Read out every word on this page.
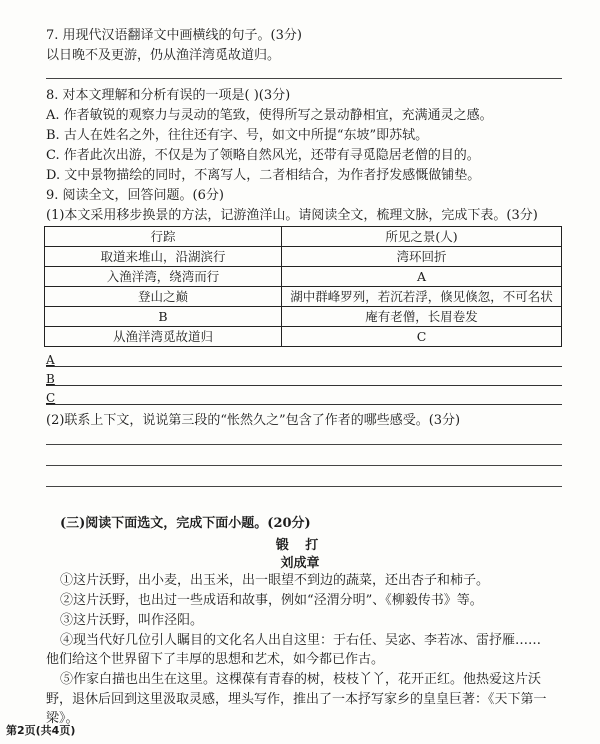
7. 用现代汉语翻译文中画横线的句子。(3分)
以日晚不及更游，仍从渔洋湾觅故道归。
8. 对本文理解和分析有误的一项是( )(3分)
A. 作者敏锐的观察力与灵动的笔致，使得所写之景动静相宜，充满通灵之感。
B. 古人在姓名之外，往往还有字、号，如文中所提“东坡”即苏轼。
C. 作者此次出游，不仅是为了领略自然风光，还带有寻觅隐居老僧的目的。
D. 文中景物描绘的同时，不离写人，二者相结合，为作者抒发感慨做铺垫。
9. 阅读全文，回答问题。(6分)
(1)本文采用移步换景的方法，记游渔洋山。请阅读全文，梳理文脉，完成下表。(3分)
行踪	所见之景(人)
取道来堆山，沿湖滨行	湾环回折
入渔洋湾，绕湾而行	A
登山之巅	湖中群峰罗列，若沉若浮，倏见倏忽，不可名状
B	庵有老僧，长眉卷发
从渔洋湾觅故道归	C
A
B
C
(2)联系上下文，说说第三段的“怅然久之”包含了作者的哪些感受。(3分)
(三)阅读下面选文，完成下面小题。(20分)
锻 打
刘成章
①这片沃野，出小麦，出玉米，出一眼望不到边的蔬菜，还出杏子和柿子。
②这片沃野，也出过一些成语和故事，例如“泾渭分明”、《柳毅传书》等。
③这片沃野，叫作泾阳。
④现当代好几位引人瞩目的文化名人出自这里：于右任、吴宓、李若冰、雷抒雁……
他们给这个世界留下了丰厚的思想和艺术，如今都已作古。
⑤作家白描也出生在这里。这棵葆有青春的树，枝枝丫丫，花开正红。他热爱这片沃
野，退休后回到这里汲取灵感，埋头写作，推出了一本抒写家乡的皇皇巨著：《天下第一
梁》。
第2页(共4页)
